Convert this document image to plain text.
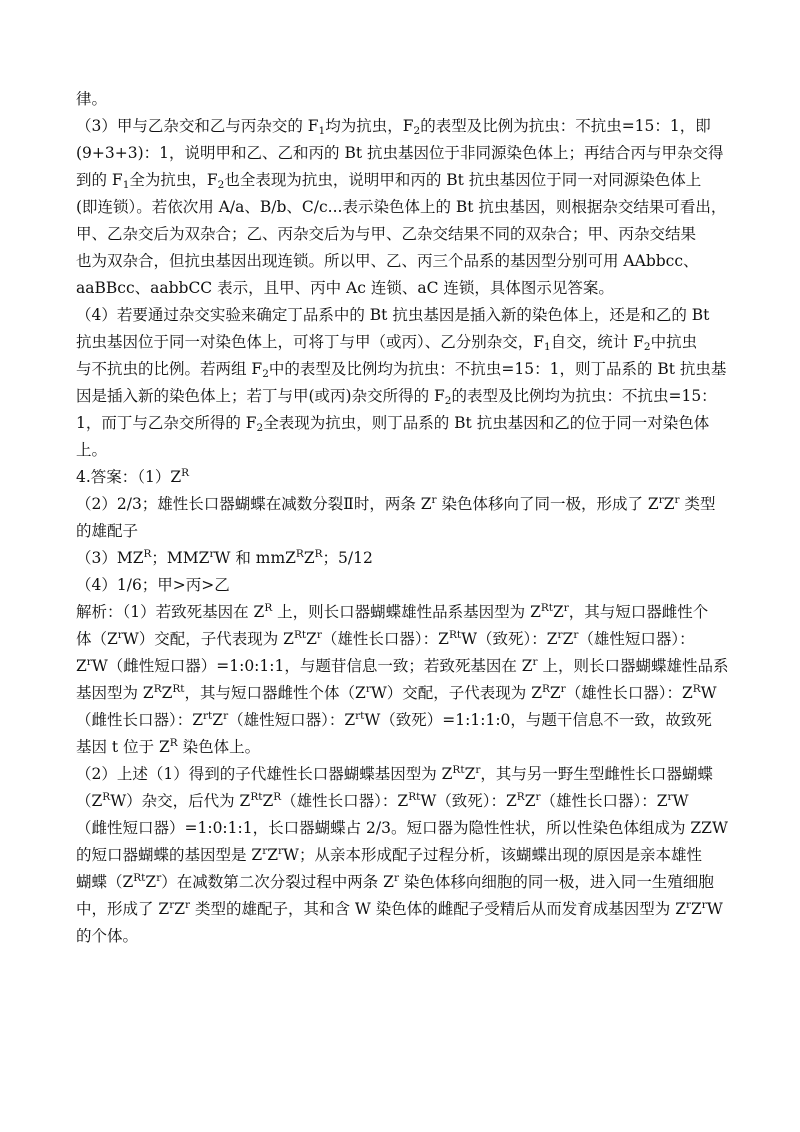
律。
（3）甲与乙杂交和乙与丙杂交的 $F_1$均为抗虫，$F_2$的表型及比例为抗虫：不抗虫=15：1，即
(9+3+3)：1，说明甲和乙、乙和丙的 Bt 抗虫基因位于非同源染色体上；再结合丙与甲杂交得
到的 $F_1$全为抗虫，$F_2$也全表现为抗虫，说明甲和丙的 Bt 抗虫基因位于同一对同源染色体上
(即连锁）。若依次用 A/a、B/b、C/c...表示染色体上的 Bt 抗虫基因，则根据杂交结果可看出，
甲、乙杂交后为双杂合；乙、丙杂交后为与甲、乙杂交结果不同的双杂合；甲、丙杂交结果
也为双杂合，但抗虫基因出现连锁。所以甲、乙、丙三个品系的基因型分别可用 AAbbcc、
aaBBcc、aabbCC 表示，且甲、丙中 Ac 连锁、aC 连锁，具体图示见答案。
（4）若要通过杂交实验来确定丁品系中的 Bt 抗虫基因是插入新的染色体上，还是和乙的 Bt
抗虫基因位于同一对染色体上，可将丁与甲（或丙）、乙分别杂交，$F_1$自交，统计 $F_2$中抗虫
与不抗虫的比例。若两组 $F_2$中的表型及比例均为抗虫：不抗虫=15：1，则丁品系的 Bt 抗虫基
因是插入新的染色体上；若丁与甲(或丙)杂交所得的 $F_2$的表型及比例均为抗虫：不抗虫=15：
1，而丁与乙杂交所得的 $F_2$全表现为抗虫，则丁品系的 Bt 抗虫基因和乙的位于同一对染色体
上。
4.答案：$(1)Z^R$
（2）2/3；雄性长口器蝴蝶在减数分裂Ⅱ时，两条 $Z^r$ 染色体移向了同一极，形成了 $Z^rZ^r$ 类型
的雄配子
$(3)MZ^R$；MMZ$^r$W 和 $mmZ^RZ^R$；5/12
（4）1/6；甲>丙>乙
解析：（1）若致死基因在 $Z^R$ 上，则长口器蝴蝶雄性品系基因型为 $Z^{Rt}Z^r$，其与短口器雌性个
体$(Z^rW)$交配，子代表现为 $Z^{Rt}Z^r$（雄性长口器）：$Z^{Rt}W$（致死）：$Z^rZ^r$（雄性短口器）：
$Z^rW$（雌性短口器）=1:0:1:1，与题苷信息一致；若致死基因在 $Z^r$ 上，则长口器蝴蝶雄性品系
基因型为 $Z^RZ^{Rt}$，其与短口器雌性个体$(Z^rW)$交配，子代表现为 $Z^RZ^r$（雄性长口器）：$Z^RW$
（雌性长口器）：$Z^{rt}Z^r$（雄性短口器）：$Z^{rt}W$（致死）=1:1:1:0，与题干信息不一致，故致死
基因 t 位于 $Z^R$ 染色体上。
（2）上述（1）得到的子代雄性长口器蝴蝶基因型为 $Z^{Rt}Z^r$，其与另一野生型雌性长口器蝴蝶
$(Z^RW)$杂交，后代为 $Z^{Rt}Z^R$（雄性长口器）：$Z^{Rt}W$（致死）：$Z^RZ^r$（雄性长口器）：$Z^rW$
（雌性短口器）=1:0:1:1，长口器蝴蝶占 2/3。短口器为隐性性状，所以性染色体组成为 ZZW
的短口器蝴蝶的基因型是 $Z^rZ^rW$；从亲本形成配子过程分析，该蝴蝶出现的原因是亲本雄性
蝴蝶$(Z^{Rt}Z^r)$在减数第二次分裂过程中两条 $Z^r$ 染色体移向细胞的同一极，进入同一生殖细胞
中，形成了 $Z^rZ^r$ 类型的雄配子，其和含 W 染色体的雌配子受精后从而发育成基因型为 $Z^rZ^rW$
的个体。
